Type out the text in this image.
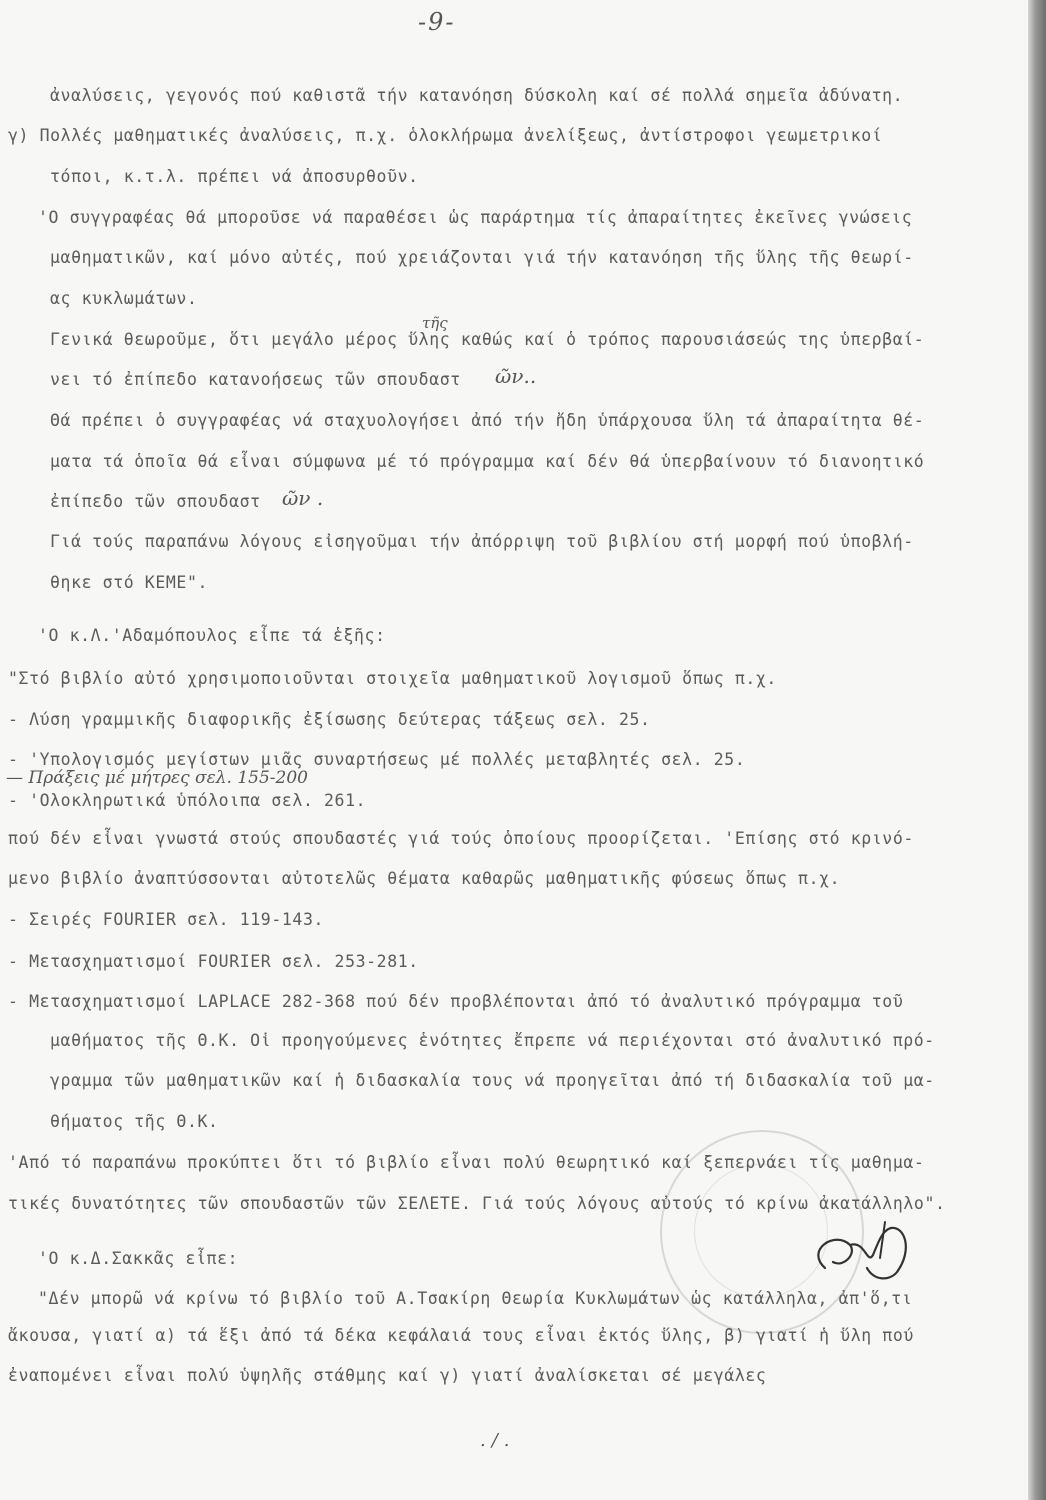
-9-
ἀναλύσεις, γεγονός πού καθιστᾶ τήν κατανόηση δύσκολη καί σέ πολλά σημεῖα ἀδύνατη.
γ) Πολλές μαθηματικές ἀναλύσεις, π.χ. ὁλοκλήρωμα ἀνελίξεως, ἀντίστροφοι γεωμετρικοί
τόποι, κ.τ.λ. πρέπει νά ἀποσυρθοῦν.
'Ο συγγραφέας θά μποροῦσε νά παραθέσει ὡς παράρτημα τίς ἀπαραίτητες ἐκεῖνες γνώσεις
μαθηματικῶν, καί μόνο αὐτές, πού χρειάζονται γιά τήν κατανόηση τῆς ὕλης τῆς θεωρί-
ας κυκλωμάτων.
τῆς
Γενικά θεωροῦμε, ὅτι μεγάλο μέρος ὕλης καθώς καί ὁ τρόπος παρουσιάσεώς της ὑπερβαί-
νει τό ἐπίπεδο κατανοήσεως τῶν σπουδαστ ῶν..
Θά πρέπει ὁ συγγραφέας νά σταχυολογήσει ἀπό τήν ἤδη ὑπάρχουσα ὕλη τά ἀπαραίτητα θέ-
ματα τά ὁποῖα θά εἶναι σύμφωνα μέ τό πρόγραμμα καί δέν θά ὑπερβαίνουν τό διανοητικό
ἐπίπεδο τῶν σπουδαστ ῶν .
Γιά τούς παραπάνω λόγους εἰσηγοῦμαι τήν ἀπόρριψη τοῦ βιβλίου στή μορφή πού ὑποβλή-
θηκε στό ΚΕΜΕ".
'Ο κ.Λ.'Αδαμόπουλος εἶπε τά ἑξῆς:
"Στό βιβλίο αὐτό χρησιμοποιοῦνται στοιχεῖα μαθηματικοῦ λογισμοῦ ὅπως π.χ.
- Λύση γραμμικῆς διαφορικῆς ἐξίσωσης δεύτερας τάξεως σελ. 25.
- 'Υπολογισμός μεγίστων μιᾶς συναρτήσεως μέ πολλές μεταβλητές σελ. 25.
— Πράξεις μέ μήτρες σελ. 155-200
- 'Ολοκληρωτικά ὑπόλοιπα σελ. 261.
πού δέν εἶναι γνωστά στούς σπουδαστές γιά τούς ὁποίους προορίζεται. 'Επίσης στό κρινό-
μενο βιβλίο ἀναπτύσσονται αὐτοτελῶς θέματα καθαρῶς μαθηματικῆς φύσεως ὅπως π.χ.
- Σειρές FOURIER σελ. 119-143.
- Μετασχηματισμοί FOURIER σελ. 253-281.
- Μετασχηματισμοί LAPLACE 282-368 πού δέν προβλέπονται ἀπό τό ἀναλυτικό πρόγραμμα τοῦ
μαθήματος τῆς Θ.Κ. Οἱ προηγούμενες ἑνότητες ἔπρεπε νά περιέχονται στό ἀναλυτικό πρό-
γραμμα τῶν μαθηματικῶν καί ἡ διδασκαλία τους νά προηγεῖται ἀπό τή διδασκαλία τοῦ μα-
θήματος τῆς Θ.Κ.
'Από τό παραπάνω προκύπτει ὅτι τό βιβλίο εἶναι πολύ θεωρητικό καί ξεπερνάει τίς μαθημα-
τικές δυνατότητες τῶν σπουδαστῶν τῶν ΣΕΛΕΤΕ. Γιά τούς λόγους αὐτούς τό κρίνω ἀκατάλληλο".
'Ο κ.Δ.Σακκᾶς εἶπε:
"Δέν μπορῶ νά κρίνω τό βιβλίο τοῦ Α.Τσακίρη Θεωρία Κυκλωμάτων ὡς κατάλληλα, ἀπ'ὅ,τι
ἄκουσα, γιατί α) τά ἕξι ἀπό τά δέκα κεφάλαιά τους εἶναι ἐκτός ὕλης, β) γιατί ἡ ὕλη πού
ἐναπομένει εἶναι πολύ ὑψηλῆς στάθμης καί γ) γιατί ἀναλίσκεται σέ μεγάλες
./.
